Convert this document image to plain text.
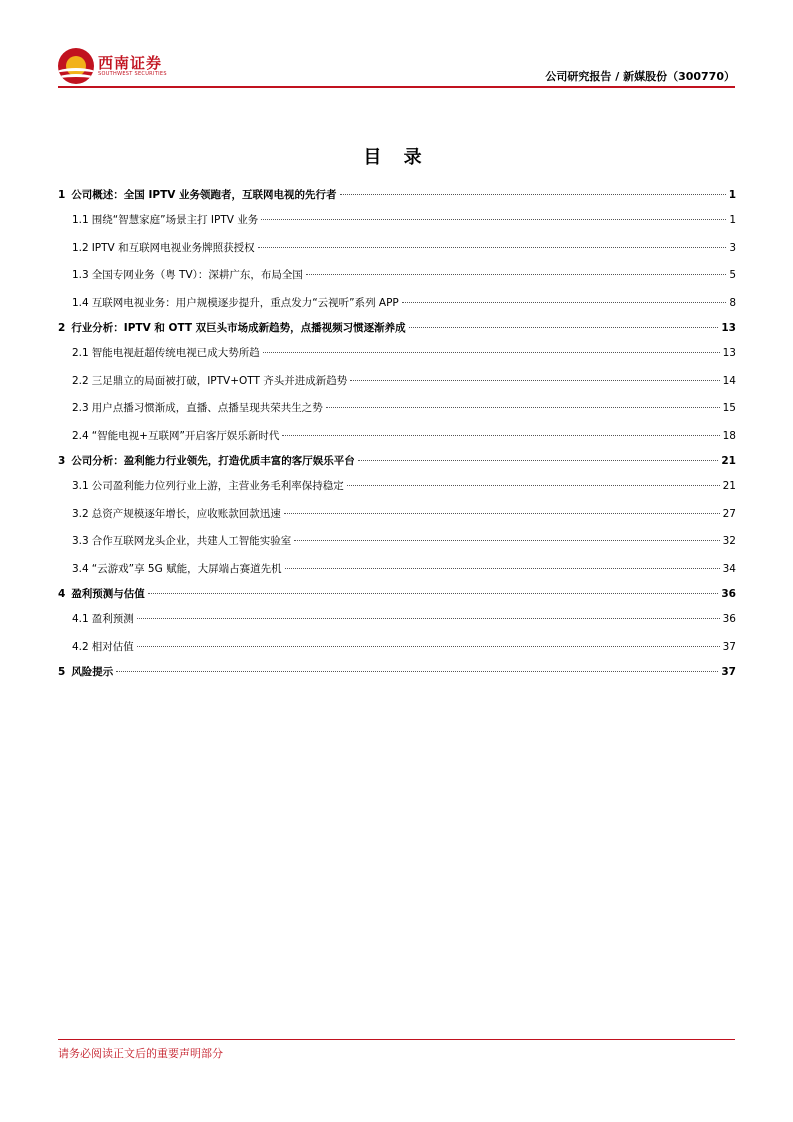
西南证券
SOUTHWEST SECURITIES	公司研究报告 / 新媒股份（300770）
目 录
1 公司概述：全国 IPTV 业务领跑者，互联网电视的先行者	1
1.1 围绕“智慧家庭”场景主打 IPTV 业务	1
1.2 IPTV 和互联网电视业务牌照获授权	3
1.3 全国专网业务（粤 TV）：深耕广东，布局全国	5
1.4 互联网电视业务：用户规模逐步提升，重点发力“云视听”系列 APP	8
2 行业分析：IPTV 和 OTT 双巨头市场成新趋势，点播视频习惯逐渐养成	13
2.1 智能电视赶超传统电视已成大势所趋	13
2.2 三足鼎立的局面被打破，IPTV+OTT 齐头并进成新趋势	14
2.3 用户点播习惯渐成，直播、点播呈现共荣共生之势	15
2.4 “智能电视+互联网”开启客厅娱乐新时代	18
3 公司分析：盈利能力行业领先，打造优质丰富的客厅娱乐平台	21
3.1 公司盈利能力位列行业上游，主营业务毛利率保持稳定	21
3.2 总资产规模逐年增长，应收账款回款迅速	27
3.3 合作互联网龙头企业，共建人工智能实验室	32
3.4 “云游戏”享 5G 赋能，大屏端占赛道先机	34
4 盈利预测与估值	36
4.1 盈利预测	36
4.2 相对估值	37
5 风险提示	37
请务必阅读正文后的重要声明部分
